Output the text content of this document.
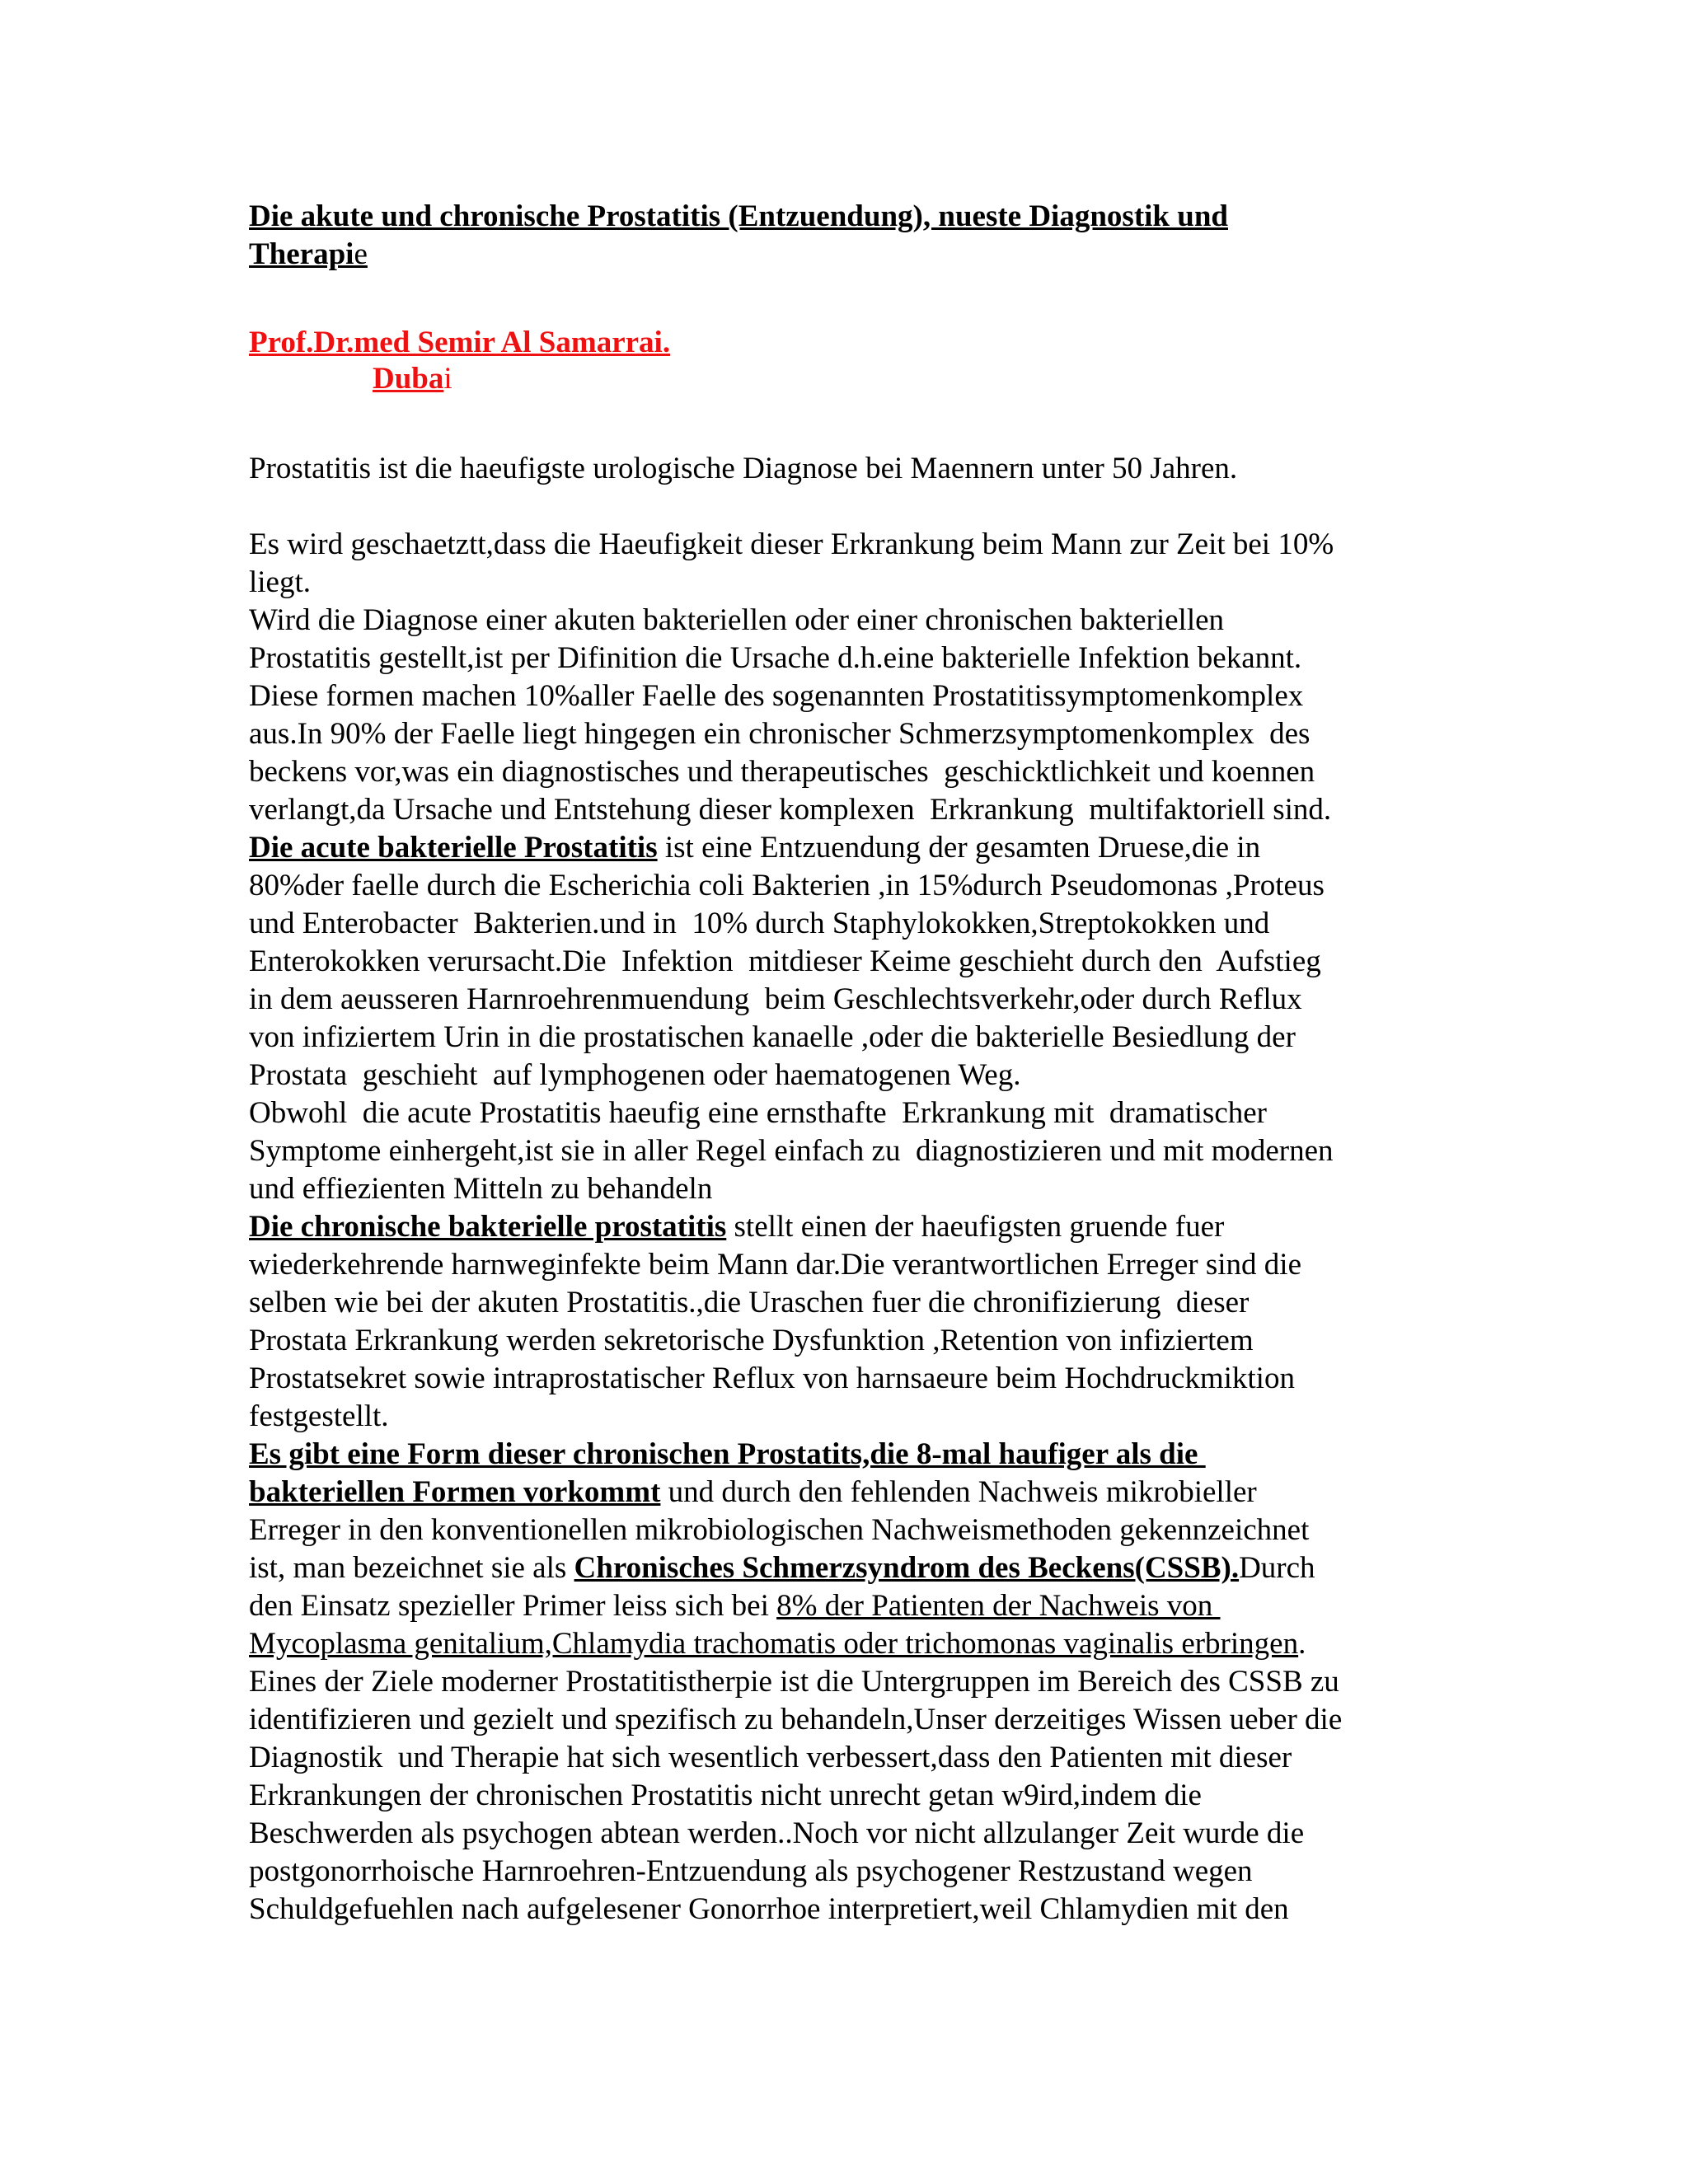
Die akute und chronische Prostatitis (Entzuendung), nueste Diagnostik und
Therapie

Prof.Dr.med Semir Al Samarrai.
Dubai
Prostatitis ist die haeufigste urologische Diagnose bei Maennern unter 50 Jahren.
Es wird geschaetztt,dass die Haeufigkeit dieser Erkrankung beim Mann zur Zeit bei 10%
liegt.
Wird die Diagnose einer akuten bakteriellen oder einer chronischen bakteriellen
Prostatitis gestellt,ist per Difinition die Ursache d.h.eine bakterielle Infektion bekannt.
Diese formen machen 10%aller Faelle des sogenannten Prostatitissymptomenkomplex
aus.In 90% der Faelle liegt hingegen ein chronischer Schmerzsymptomenkomplex  des
beckens vor,was ein diagnostisches und therapeutisches  geschicktlichkeit und koennen
verlangt,da Ursache und Entstehung dieser komplexen  Erkrankung  multifaktoriell sind.
Die acute bakterielle Prostatitis ist eine Entzuendung der gesamten Druese,die in
80%der faelle durch die Escherichia coli Bakterien ,in 15%durch Pseudomonas ,Proteus
und Enterobacter  Bakterien.und in  10% durch Staphylokokken,Streptokokken und
Enterokokken verursacht.Die  Infektion  mitdieser Keime geschieht durch den  Aufstieg
in dem aeusseren Harnroehrenmuendung  beim Geschlechtsverkehr,oder durch Reflux
von infiziertem Urin in die prostatischen kanaelle ,oder die bakterielle Besiedlung der
Prostata  geschieht  auf lymphogenen oder haematogenen Weg.
Obwohl  die acute Prostatitis haeufig eine ernsthafte  Erkrankung mit  dramatischer
Symptome einhergeht,ist sie in aller Regel einfach zu  diagnostizieren und mit modernen
und effiezienten Mitteln zu behandeln
Die chronische bakterielle prostatitis stellt einen der haeufigsten gruende fuer
wiederkehrende harnweginfekte beim Mann dar.Die verantwortlichen Erreger sind die
selben wie bei der akuten Prostatitis.,die Uraschen fuer die chronifizierung  dieser
Prostata Erkrankung werden sekretorische Dysfunktion ,Retention von infiziertem
Prostatsekret sowie intraprostatischer Reflux von harnsaeure beim Hochdruckmiktion
festgestellt.
Es gibt eine Form dieser chronischen Prostatits,die 8-mal haufiger als die
bakteriellen Formen vorkommt und durch den fehlenden Nachweis mikrobieller
Erreger in den konventionellen mikrobiologischen Nachweismethoden gekennzeichnet
ist, man bezeichnet sie als Chronisches Schmerzsyndrom des Beckens(CSSB).Durch
den Einsatz spezieller Primer leiss sich bei 8% der Patienten der Nachweis von
Mycoplasma genitalium,Chlamydia trachomatis oder trichomonas vaginalis erbringen.
Eines der Ziele moderner Prostatitistherpie ist die Untergruppen im Bereich des CSSB zu
identifizieren und gezielt und spezifisch zu behandeln,Unser derzeitiges Wissen ueber die
Diagnostik  und Therapie hat sich wesentlich verbessert,dass den Patienten mit dieser
Erkrankungen der chronischen Prostatitis nicht unrecht getan w9ird,indem die
Beschwerden als psychogen abtean werden..Noch vor nicht allzulanger Zeit wurde die
postgonorrhoische Harnroehren-Entzuendung als psychogener Restzustand wegen
Schuldgefuehlen nach aufgelesener Gonorrhoe interpretiert,weil Chlamydien mit den
